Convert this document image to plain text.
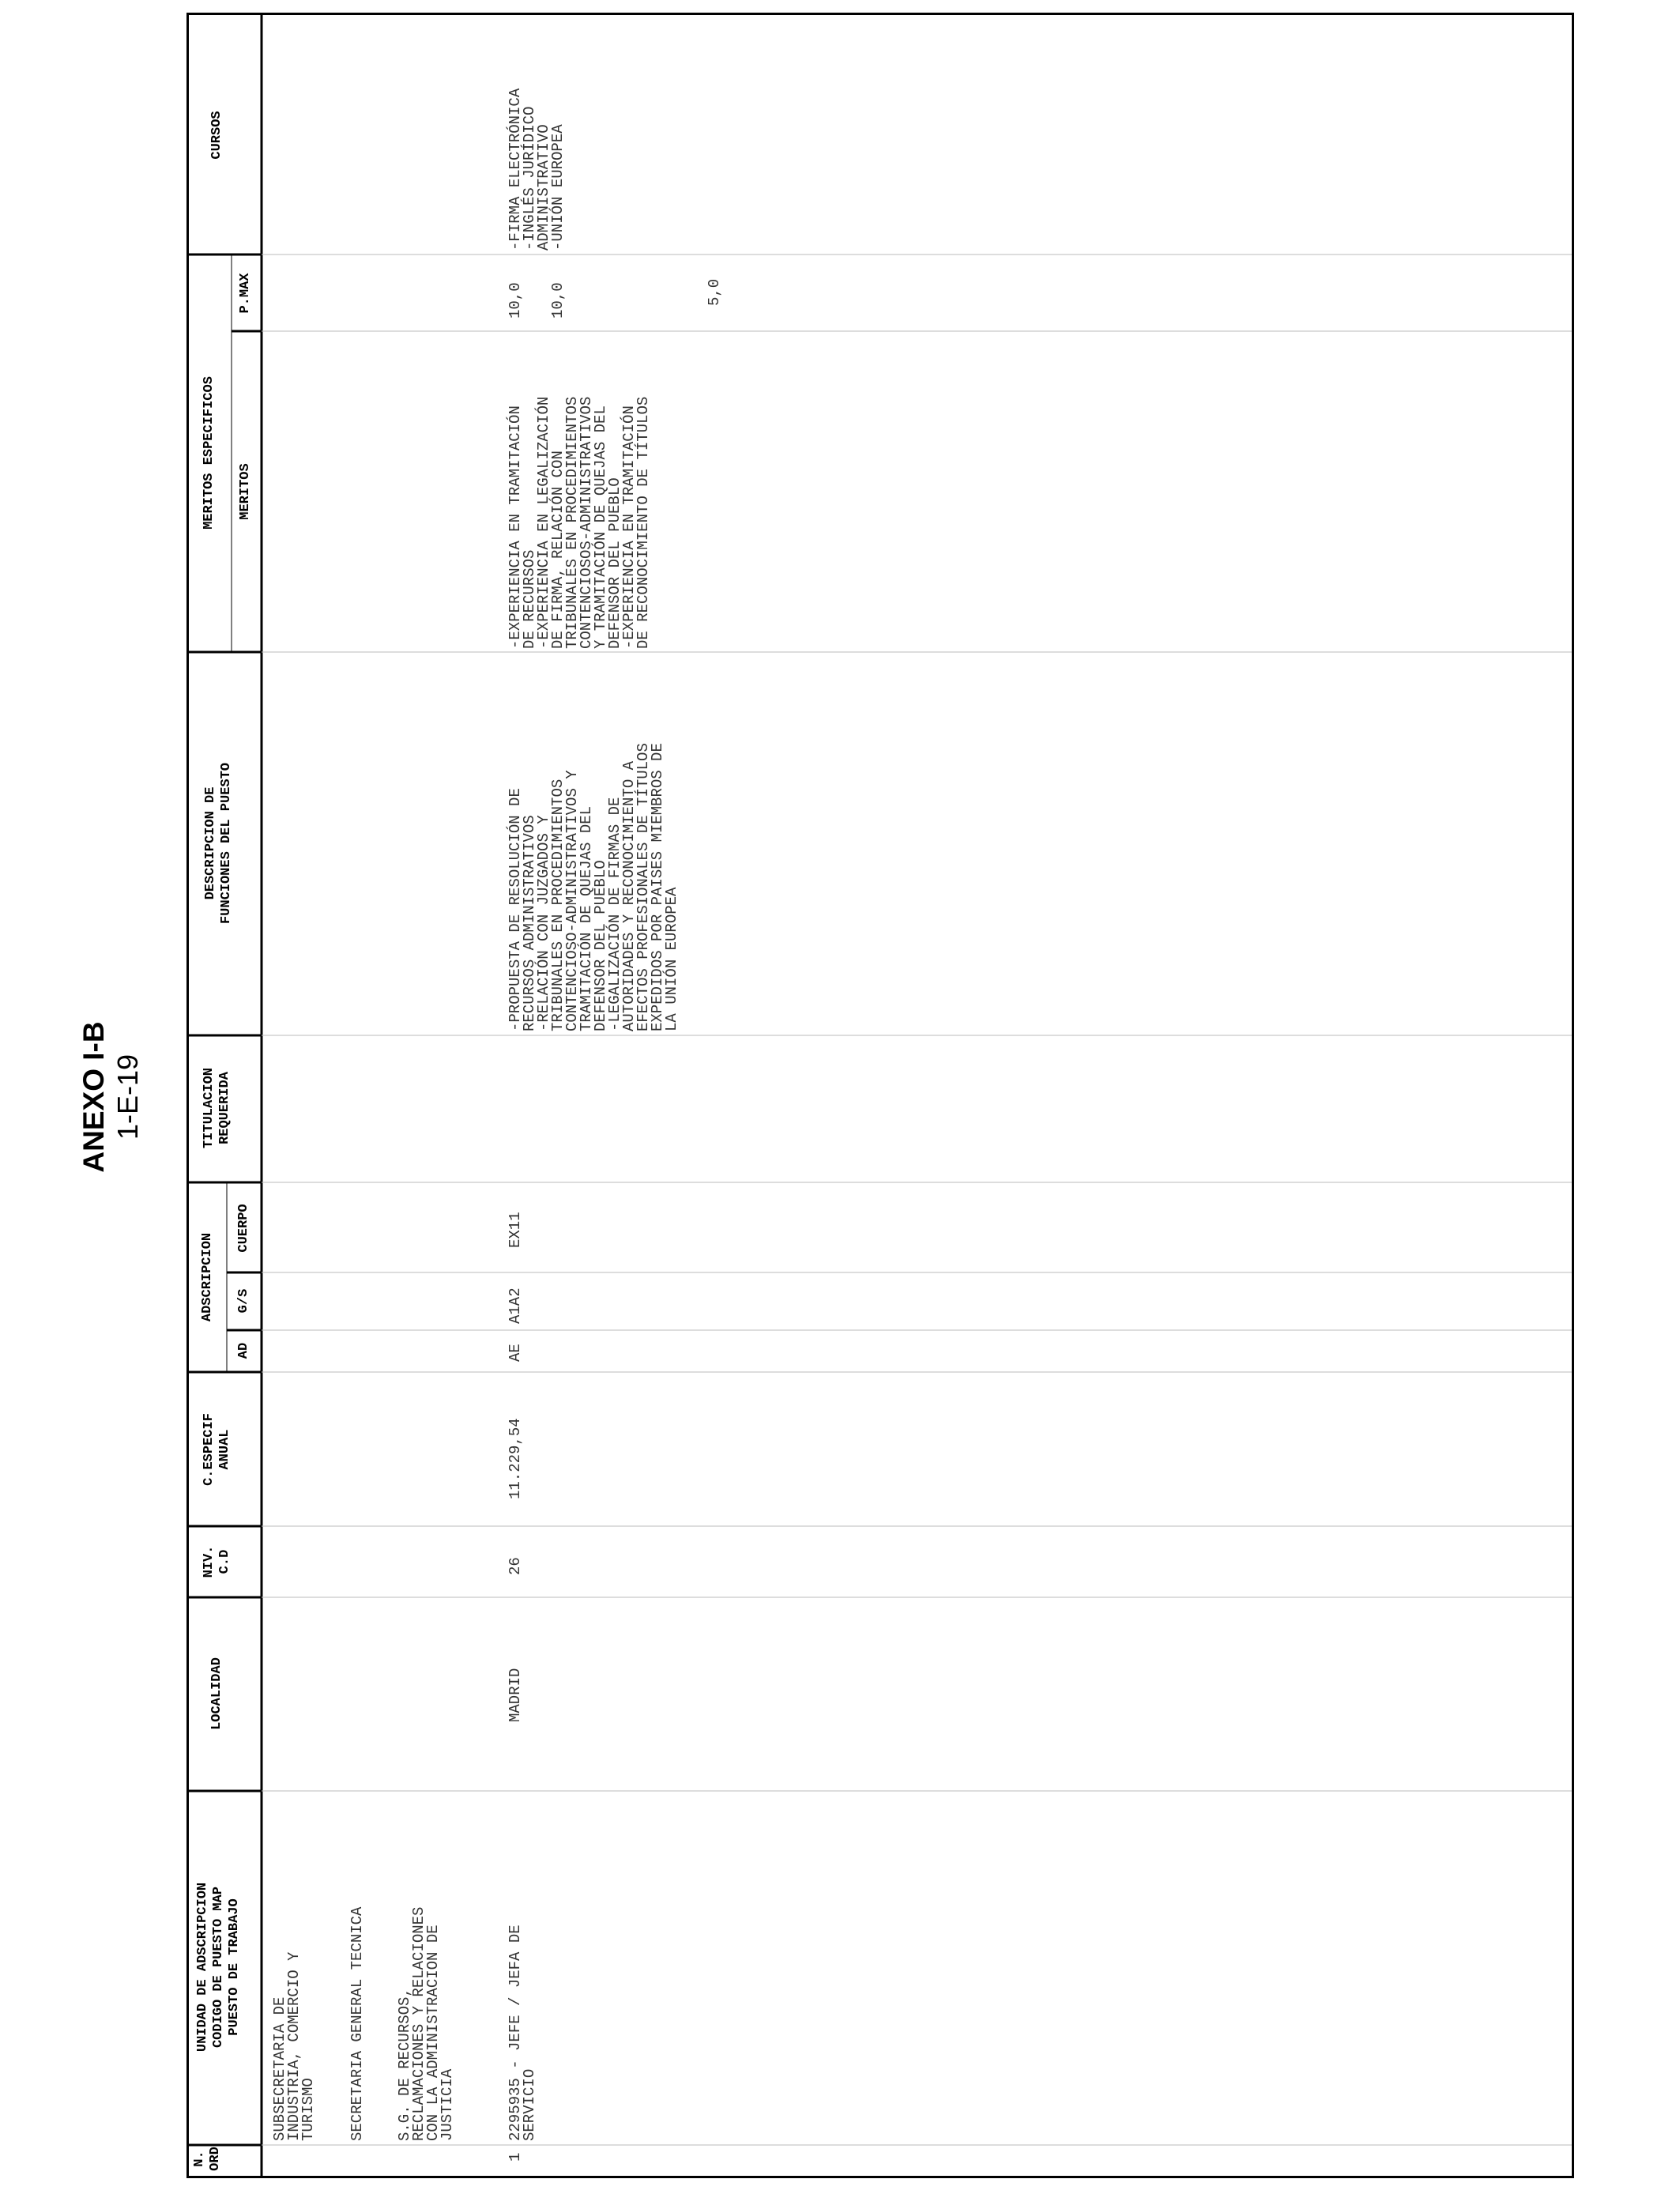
ANEXO I-B 1-E-19
N. ORD
UNIDAD DE ADSCRIPCION CODIGO DE PUESTO MAP PUESTO DE TRABAJO
LOCALIDAD
NIV. C.D
C.ESPECIF ANUAL
ADSCRIPCION
AD
G/S
CUERPO
TITULACION REQUERIDA
DESCRIPCION DE FUNCIONES DEL PUESTO
MERITOS ESPECIFICOS MERITOS
P.MAX
CURSOS
SUBSECRETARIA DE
INDUSTRIA, COMERCIO Y
TURISMO SECRETARIA GENERAL TECNICA S.G. DE RECURSOS,
RECLAMACIONES Y RELACIONES
CON LA ADMINISTRACION DE
JUSTICIA
1
2295935 - JEFE / JEFA DE
SERVICIO
MADRID
26
11.229,54
AE
A1A2
EX11
-PROPUESTA DE RESOLUCIÓN DE
RECURSOS ADMINISTRATIVOS
-RELACIÓN CON JUZGADOS Y
TRIBUNALES EN PROCEDIMIENTOS
CONTENCIOSO-ADMINISTRATIVOS Y
TRAMITACIÓN DE QUEJAS DEL
DEFENSOR DEL PUEBLO
-LEGALIZACIÓN DE FIRMAS DE
AUTORIDADES Y RECONOCIMIENTO A
EFECTOS PROFESIONALES DE TÍTULOS
EXPEDIDOS POR PAISES MIEMBROS DE
LA UNIÓN EUROPEA
-EXPERIENCIA EN TRAMITACIÓN
DE RECURSOS
-EXPERIENCIA EN LEGALIZACIÓN
DE FIRMA, RELACIÓN CON
TRIBUNALES EN PROCEDIMIENTOS
CONTENCIOSOS-ADMINISTRATIVOS
Y TRAMITACIÓN DE QUEJAS DEL
DEFENSOR DEL PUEBLO
-EXPERIENCIA EN TRAMITACIÓN
DE RECONOCIMIENTO DE TÍTULOS
10,0 10,0	5,0
-FIRMA ELECTRÓNICA
-INGLÉS JURÍDICO
ADMINISTRATIVO
-UNIÓN EUROPEA
